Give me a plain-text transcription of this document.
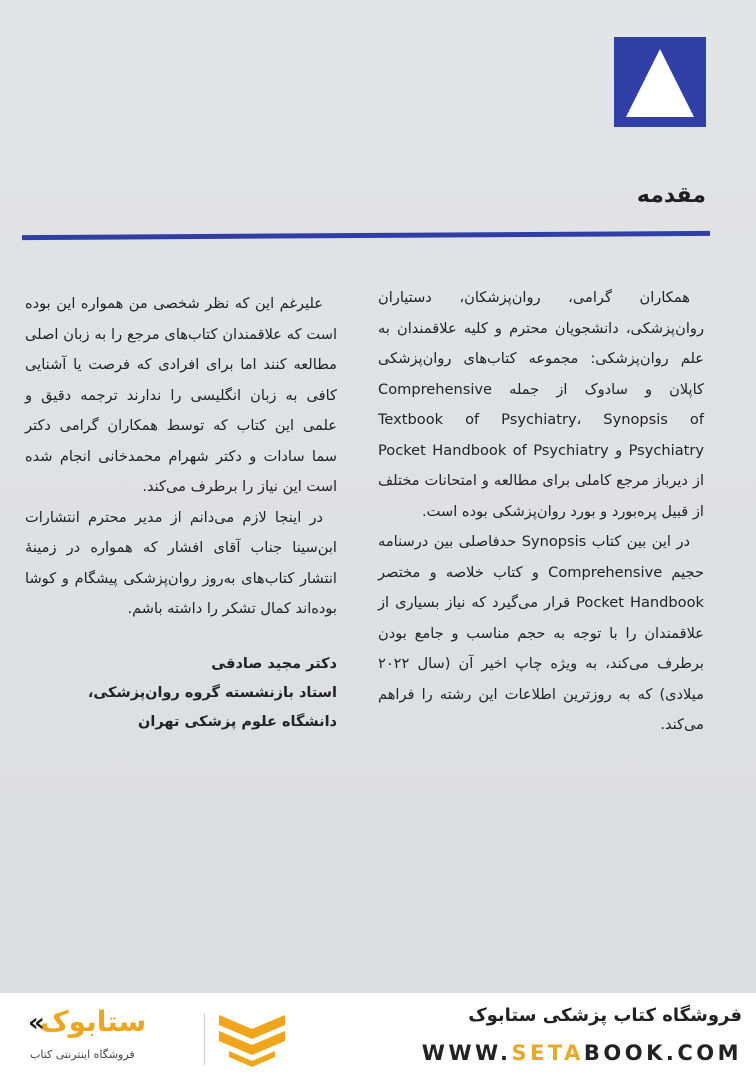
مقدمه

همکاران گرامی، روان‌پزشکان، دستیاران روان‌پزشکی، دانشجویان محترم و کلیه علاقمندان به علم روان‌پزشکی: مجموعه کتاب‌های روان‌پزشکی کاپلان و سادوک از جمله Comprehensive Textbook of Psychiatry، Synopsis of Psychiatry و Pocket Handbook of Psychiatry از دیرباز مرجع کاملی برای مطالعه و امتحانات مختلف از قبیل پره‌بورد و بورد روان‌پزشکی بوده است.

در این بین کتاب Synopsis حدفاصلی بین درسنامه حجیم Comprehensive و کتاب خلاصه و مختصر Pocket Handbook قرار می‌گیرد که نیاز بسیاری از علاقمندان را با توجه به حجم مناسب و جامع بودن برطرف می‌کند، به ویژه چاپ اخیر آن (سال ۲۰۲۲ میلادی) که به روزترین اطلاعات این رشته را فراهم می‌کند.

علیرغم این که نظر شخصی من همواره این بوده است که علاقمندان کتاب‌های مرجع را به زبان اصلی مطالعه کنند اما برای افرادی که فرصت یا آشنایی کافی به زبان انگلیسی را ندارند ترجمه دقیق و علمی این کتاب که توسط همکاران گرامی دکتر سما سادات و دکتر شهرام محمدخانی انجام شده است این نیاز را برطرف می‌کند.

در اینجا لازم می‌دانم از مدیر محترم انتشارات ابن‌سینا جناب آقای افشار که همواره در زمینهٔ انتشار کتاب‌های به‌روز روان‌پزشکی پیشگام و کوشا بوده‌اند کمال تشکر را داشته باشم.

دکتر مجید صادقی
استاد بازنشسته گروه روان‌پزشکی،
دانشگاه علوم پزشکی تهران
فروشگاه کتاب پزشکی ستابوک
WWW.SETABOOK.COM
ستابوک
«
فروشگاه اینترنتی کتاب
